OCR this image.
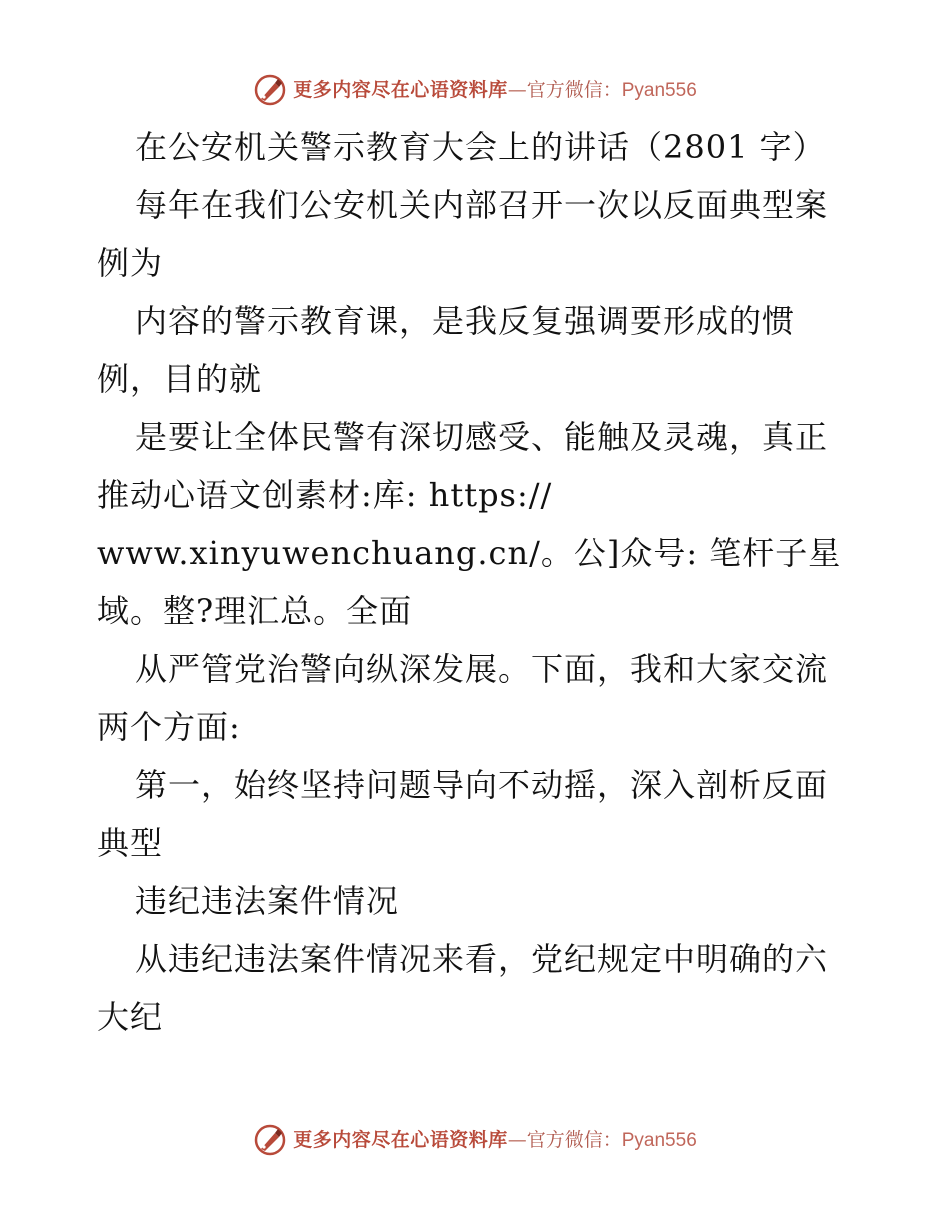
更多内容尽在心语资料库—官方微信：Pyan556
在公安机关警示教育大会上的讲话（2801 字）
每年在我们公安机关内部召开一次以反面典型案
例为
内容的警示教育课，是我反复强调要形成的惯
例，目的就
是要让全体民警有深切感受、能触及灵魂，真正
推动心语文创素材:库: https://
www.xinyuwenchuang.cn/。公]众号: 笔杆子星
域。整?理汇总。全面
从严管党治警向纵深发展。下面，我和大家交流
两个方面:
第一，始终坚持问题导向不动摇，深入剖析反面
典型
违纪违法案件情况
从违纪违法案件情况来看，党纪规定中明确的六
大纪
更多内容尽在心语资料库—官方微信：Pyan556
